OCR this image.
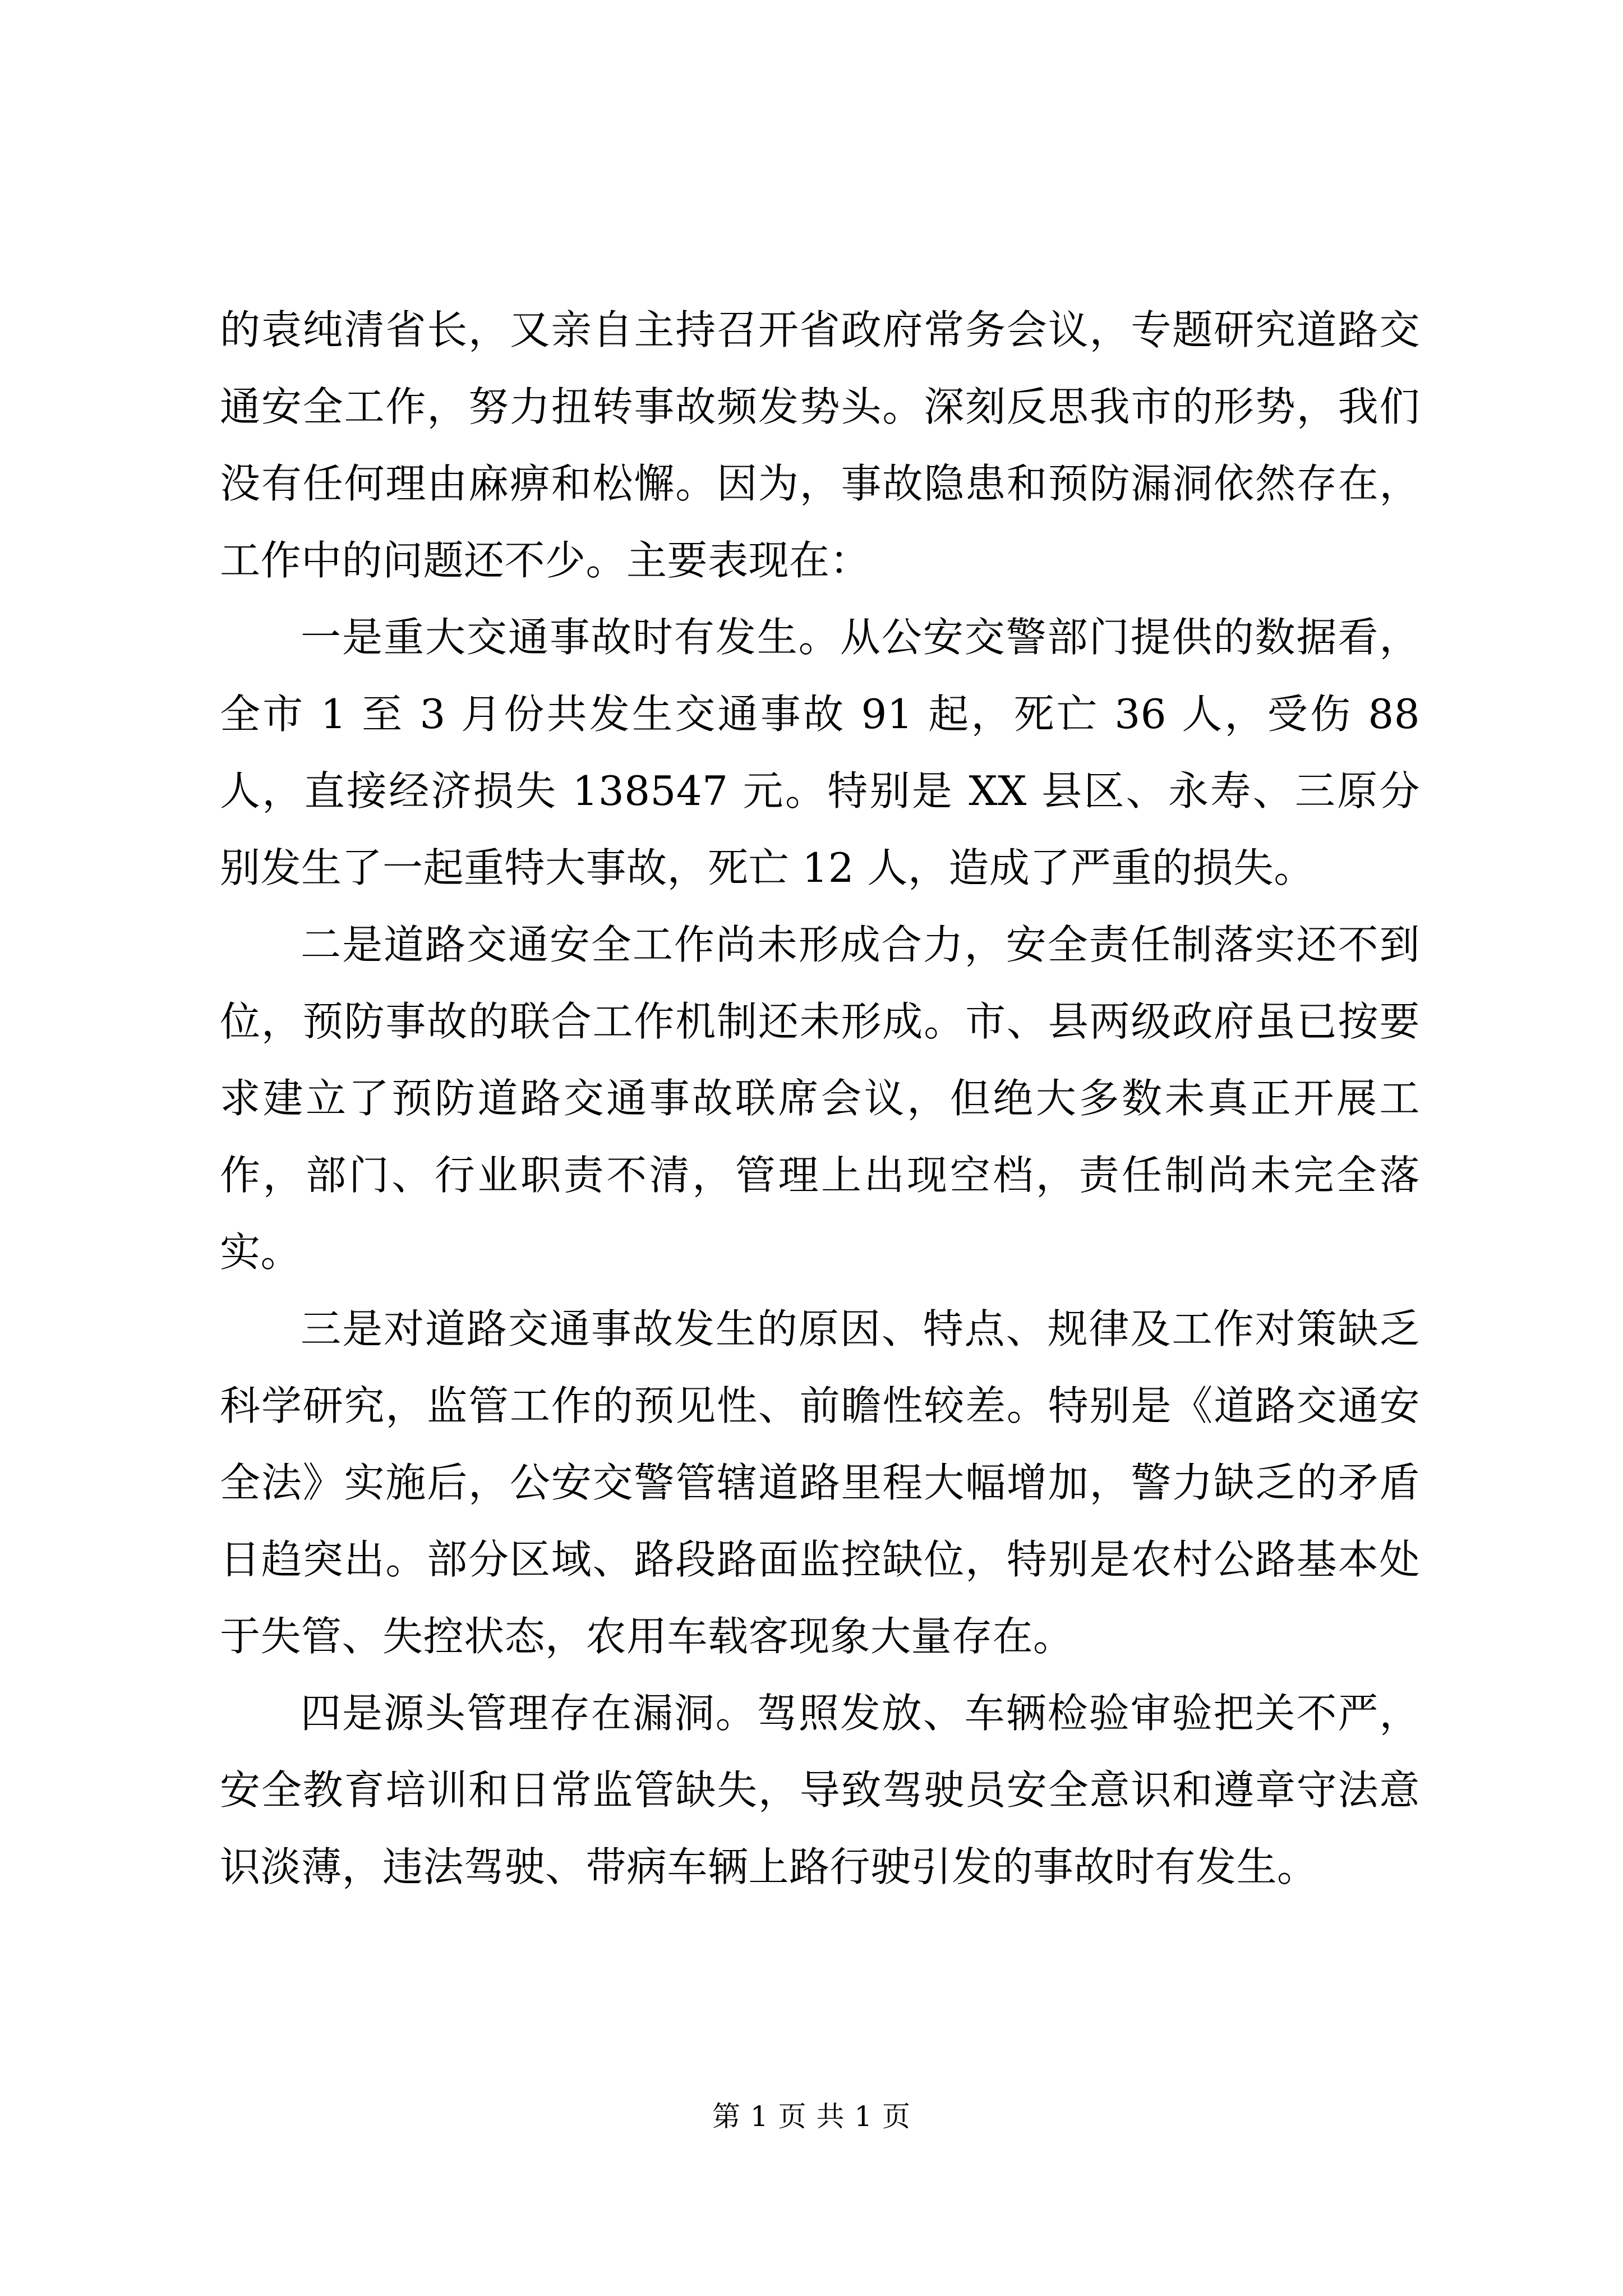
的袁纯清省长，又亲自主持召开省政府常务会议，专题研究道路交通安全工作，努力扭转事故频发势头。深刻反思我市的形势，我们没有任何理由麻痹和松懈。因为，事故隐患和预防漏洞依然存在，工作中的问题还不少。主要表现在：

一是重大交通事故时有发生。从公安交警部门提供的数据看，全市 1 至 3 月份共发生交通事故 91 起，死亡 36 人，受伤 88 人，直接经济损失 138547 元。特别是 XX 县区、永寿、三原分别发生了一起重特大事故，死亡 12 人，造成了严重的损失。

二是道路交通安全工作尚未形成合力，安全责任制落实还不到位，预防事故的联合工作机制还未形成。市、县两级政府虽已按要求建立了预防道路交通事故联席会议，但绝大多数未真正开展工作，部门、行业职责不清，管理上出现空档，责任制尚未完全落实。

三是对道路交通事故发生的原因、特点、规律及工作对策缺乏科学研究，监管工作的预见性、前瞻性较差。特别是《道路交通安全法》实施后，公安交警管辖道路里程大幅增加，警力缺乏的矛盾日趋突出。部分区域、路段路面监控缺位，特别是农村公路基本处于失管、失控状态，农用车载客现象大量存在。

四是源头管理存在漏洞。驾照发放、车辆检验审验把关不严，安全教育培训和日常监管缺失，导致驾驶员安全意识和遵章守法意识淡薄，违法驾驶、带病车辆上路行驶引发的事故时有发生。

第 1 页 共 1 页
